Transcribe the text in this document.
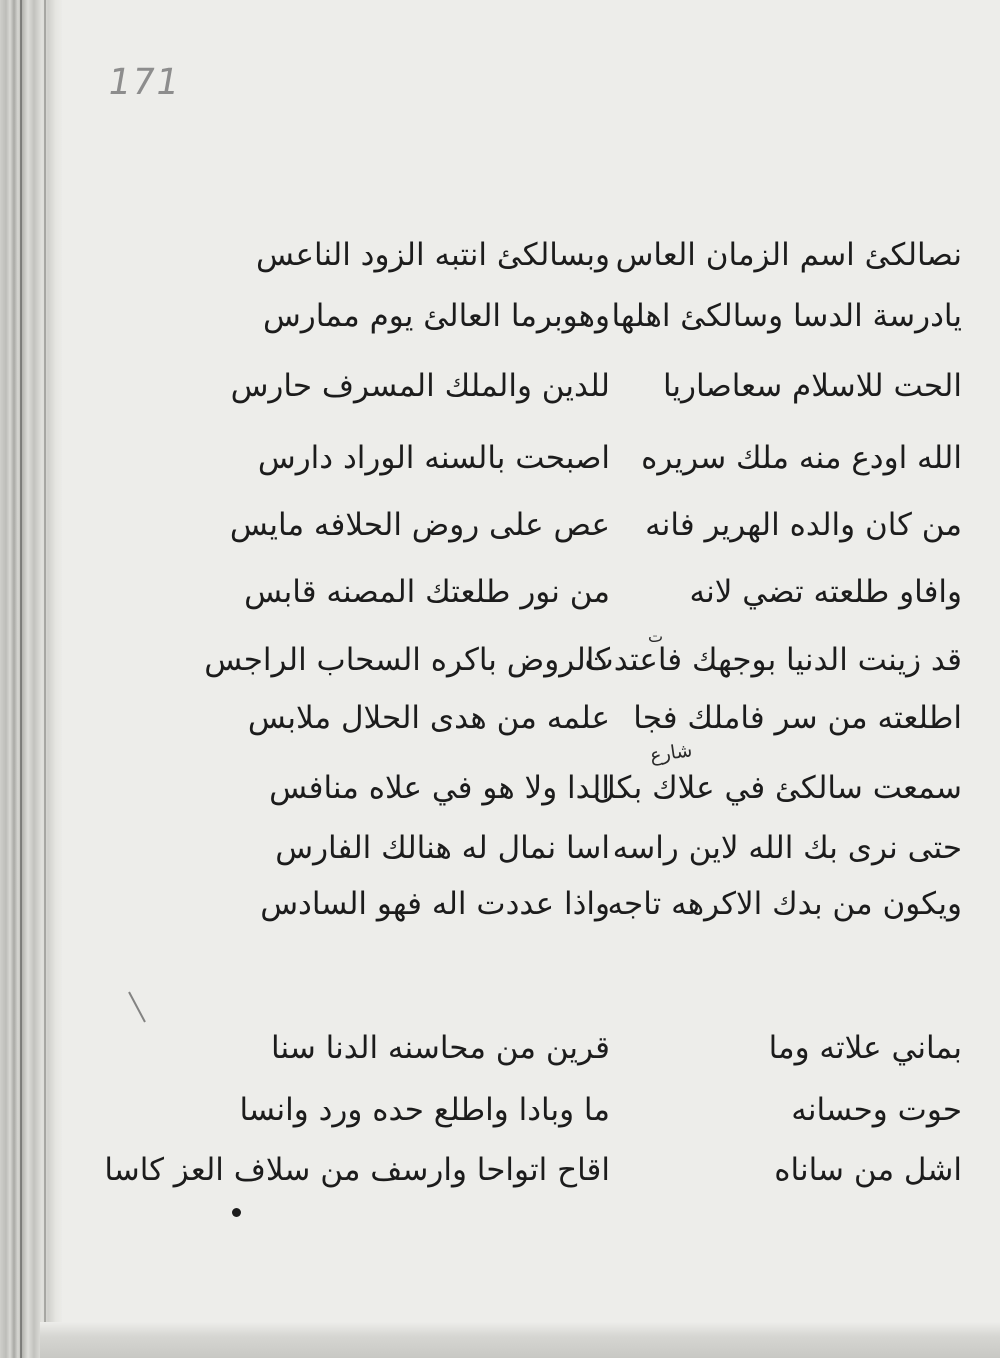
171
نصالكئ اسم الزمان العاس
وبسالكئ انتبه الزود الناعس
يادرسة الدسا وسالكئ اهلها
وهوبرما العالئ يوم ممارس
الحت للاسلام سعاصاريا
للدين والملك المسرف حارس
الله اودع منه ملك سريره
اصبحت بالسنه الوراد دارس
من كان والده الهرير فانه
عص على روض الحلافه مايس
وافاو طلعته تضي لانه
من نور طلعتك المصنه قابس
قد زينت الدنيا بوجهك فاعتدت
كالروض باكره السحاب الراجس
اطلعته من سر فاملك فجا
علمه من هدى الحلال ملابس
سمعت سالكئ في علاك بكل
الدا ولا هو في علاه منافس
حتى نرى بك الله لاين راسه
اسا نمال له هنالك الفارس
ويكون من بدك الاكرهه تاجه
واذا عددت اله فهو السادس
بماني علاته وما
قرين من محاسنه الدنا سنا
حوت وحسانه
ما وبادا واطلع حده ورد وانسا
اشل من ساناه
اقاح اتواحا وارسف من سلاف العز كاسا
ت
شارع
